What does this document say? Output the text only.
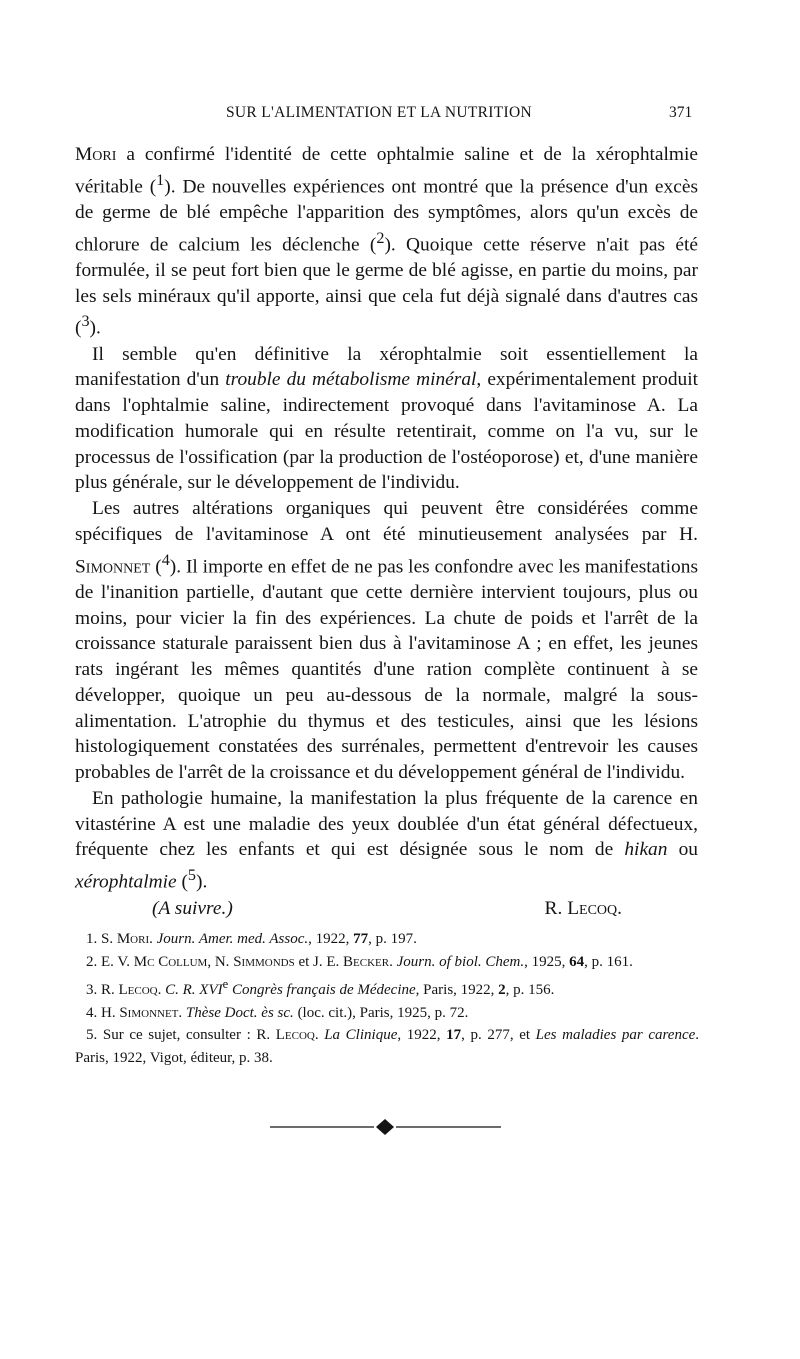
SUR L'ALIMENTATION ET LA NUTRITION	371

Mori a confirmé l'identité de cette ophtalmie saline et de la xérophtalmie véritable ($^1$). De nouvelles expériences ont montré que la présence d'un excès de germe de blé empêche l'apparition des symptômes, alors qu'un excès de chlorure de calcium les déclenche ($^2$). Quoique cette réserve n'ait pas été formulée, il se peut fort bien que le germe de blé agisse, en partie du moins, par les sels minéraux qu'il apporte, ainsi que cela fut déjà signalé dans d'autres cas ($^3$).

Il semble qu'en définitive la xérophtalmie soit essentiellement la manifestation d'un trouble du métabolisme minéral, expérimentalement produit dans l'ophtalmie saline, indirectement provoqué dans l'avitaminose A. La modification humorale qui en résulte retentirait, comme on l'a vu, sur le processus de l'ossification (par la production de l'ostéoporose) et, d'une manière plus générale, sur le développement de l'individu.

Les autres altérations organiques qui peuvent être considérées comme spécifiques de l'avitaminose A ont été minutieusement analysées par H. Simonnet ($^4$). Il importe en effet de ne pas les confondre avec les manifestations de l'inanition partielle, d'autant que cette dernière intervient toujours, plus ou moins, pour vicier la fin des expériences. La chute de poids et l'arrêt de la croissance staturale paraissent bien dus à l'avitaminose A ; en effet, les jeunes rats ingérant les mêmes quantités d'une ration complète continuent à se développer, quoique un peu au-dessous de la normale, malgré la sous-alimentation. L'atrophie du thymus et des testicules, ainsi que les lésions histologiquement constatées des surrénales, permettent d'entrevoir les causes probables de l'arrêt de la croissance et du développement général de l'individu.

En pathologie humaine, la manifestation la plus fréquente de la carence en vitastérine A est une maladie des yeux doublée d'un état général défectueux, fréquente chez les enfants et qui est désignée sous le nom de hikan ou xérophtalmie ($^5$).

(A suivre.)	R. Lecoq.

1. S. Mori. Journ. Amer. med. Assoc., 1922, 77, p. 197.

2. E. V. Mc Collum, N. Simmonds et J. E. Becker. Journ. of biol. Chem., 1925, 64, p. 161.

3. R. Lecoq. C. R. XVIe Congrès français de Médecine, Paris, 1922, 2, p. 156.

4. H. Simonnet. Thèse Doct. ès sc. (loc. cit.), Paris, 1925, p. 72.

5. Sur ce sujet, consulter : R. Lecoq. La Clinique, 1922, 17, p. 277, et Les maladies par carence. Paris, 1922, Vigot, éditeur, p. 38.
